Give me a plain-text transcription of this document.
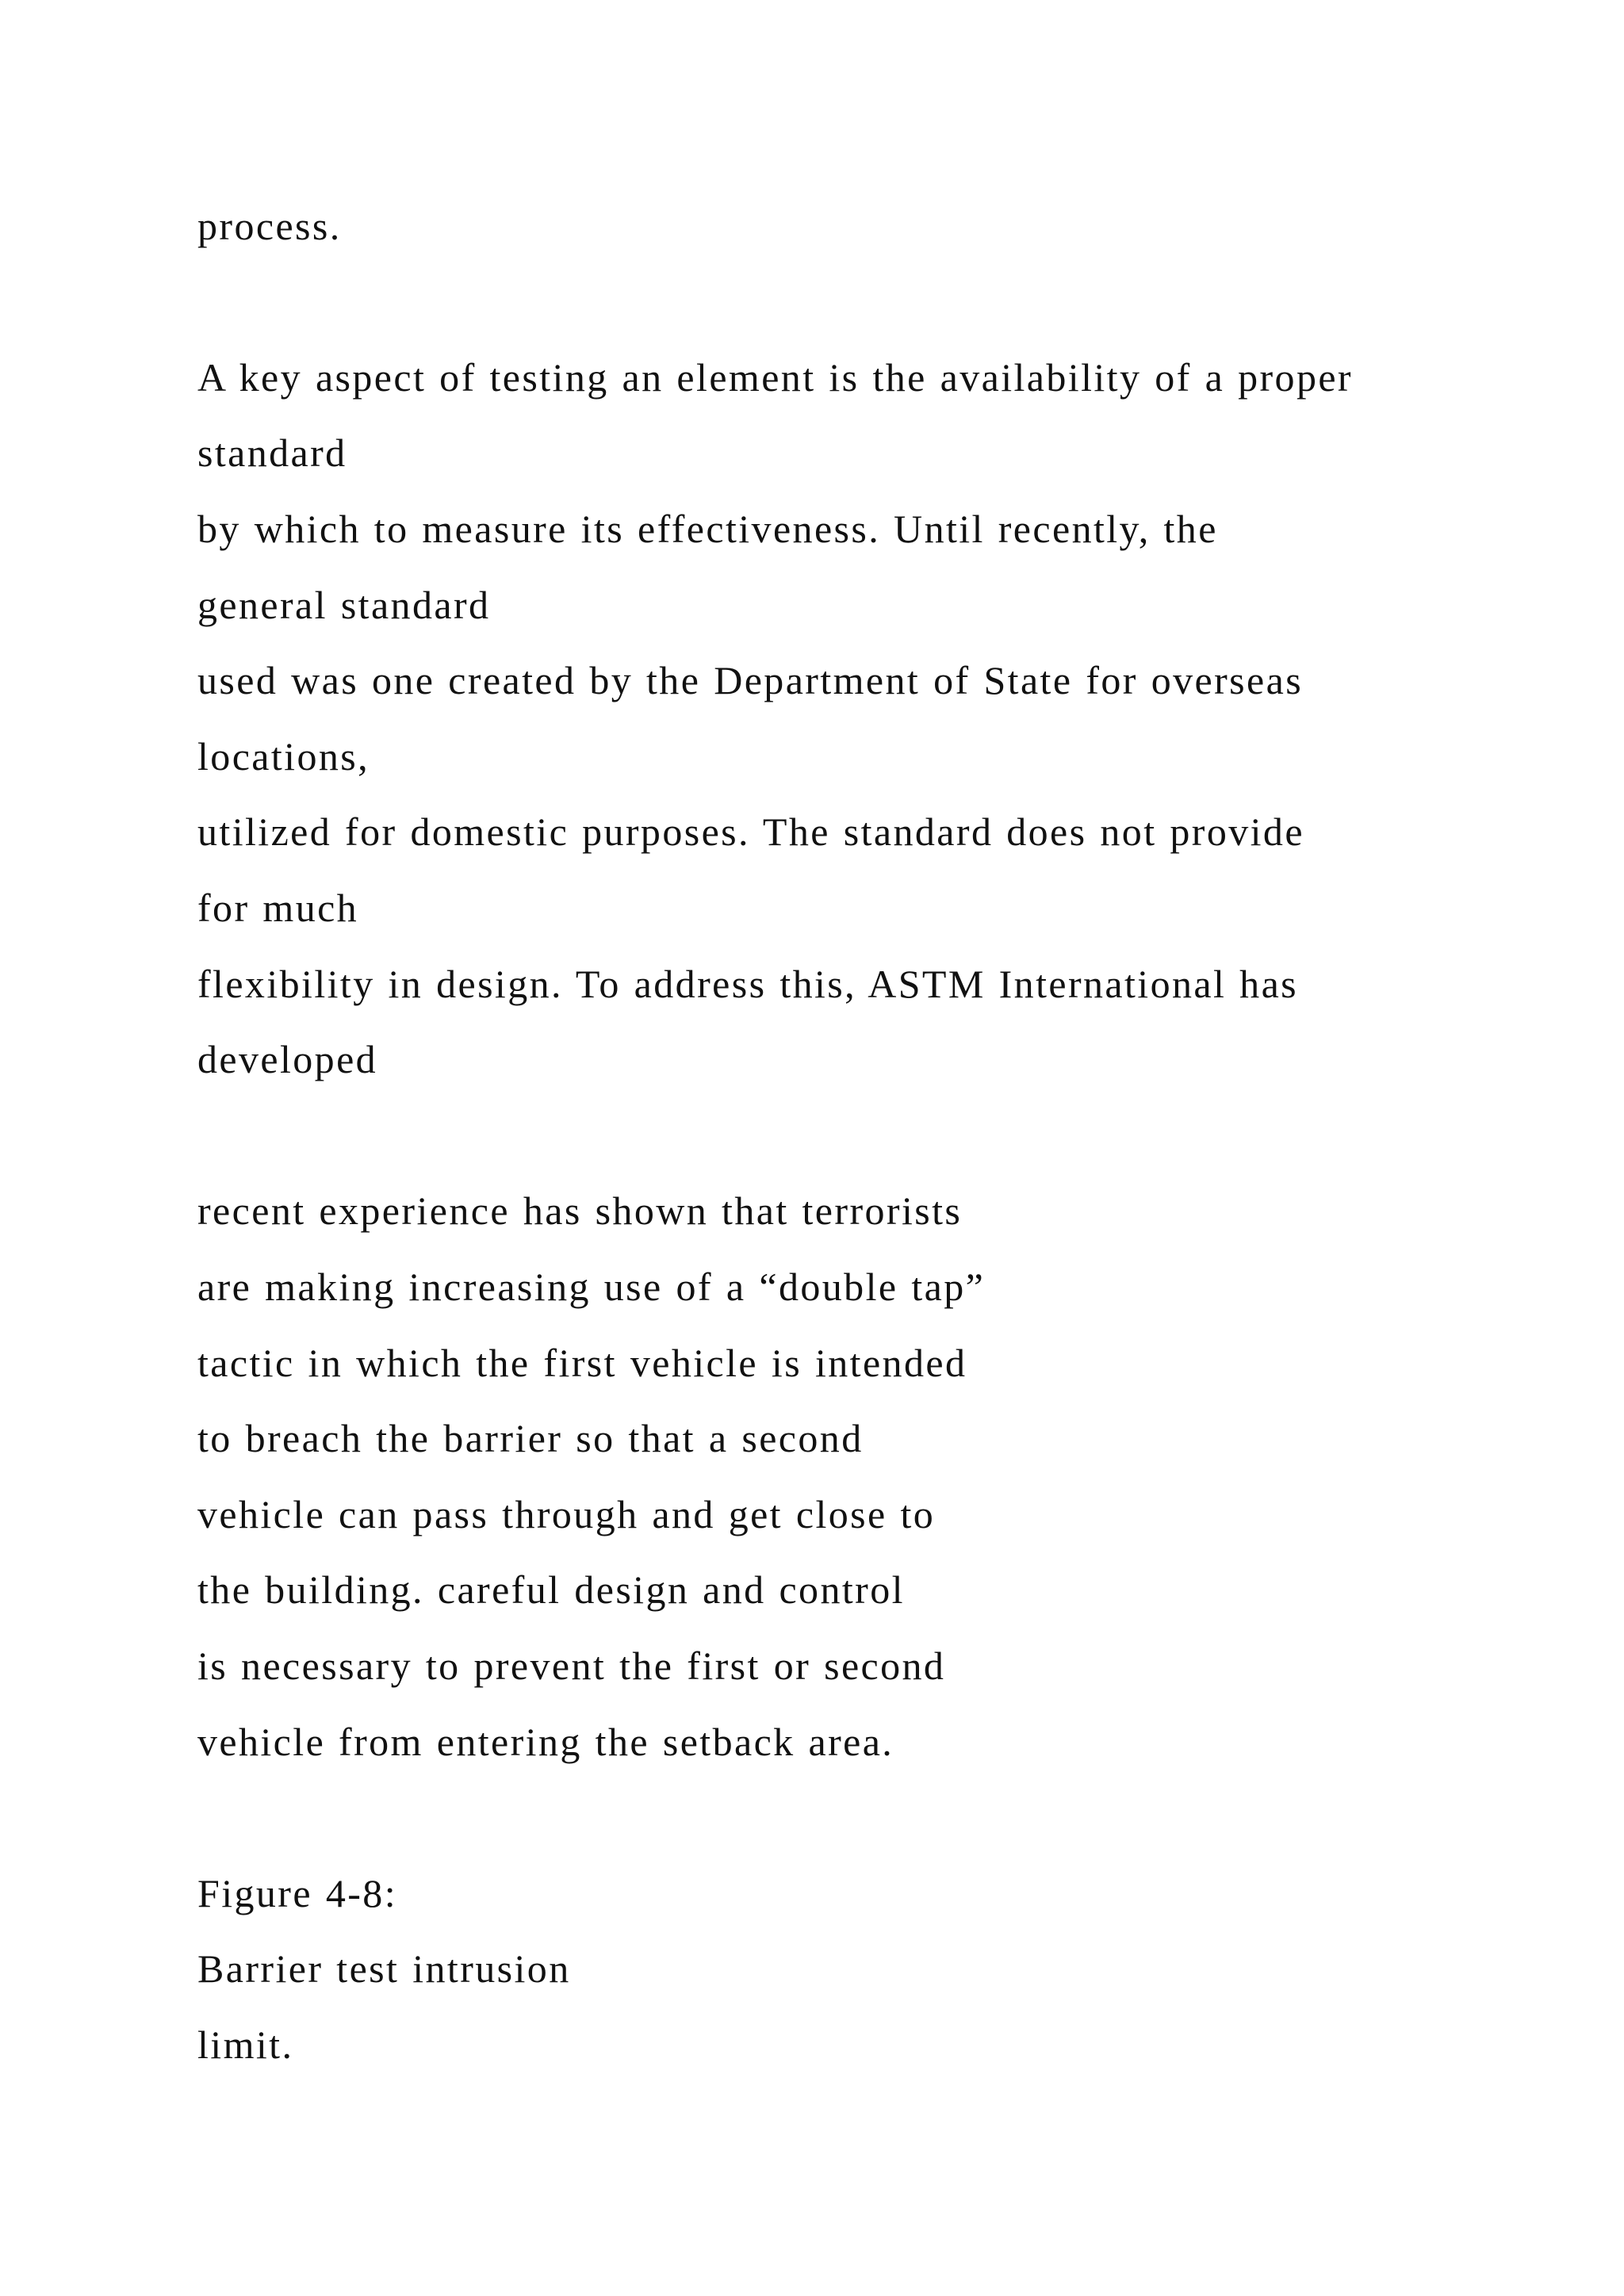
process.

A key aspect of testing an element is the availability of a proper

standard

by which to measure its effectiveness. Until recently, the

general standard

used was one created by the Department of State for overseas

locations,

utilized for domestic purposes. The standard does not provide

for much

flexibility in design. To address this, ASTM International has

developed

recent experience has shown that terrorists

are making increasing use of a “double tap”

tactic in which the first vehicle is intended

to breach the barrier so that a second

vehicle can pass through and get close to

the building. careful design and control

is necessary to prevent the first or second

vehicle from entering the setback area.

Figure 4-8:

Barrier test intrusion

limit.
